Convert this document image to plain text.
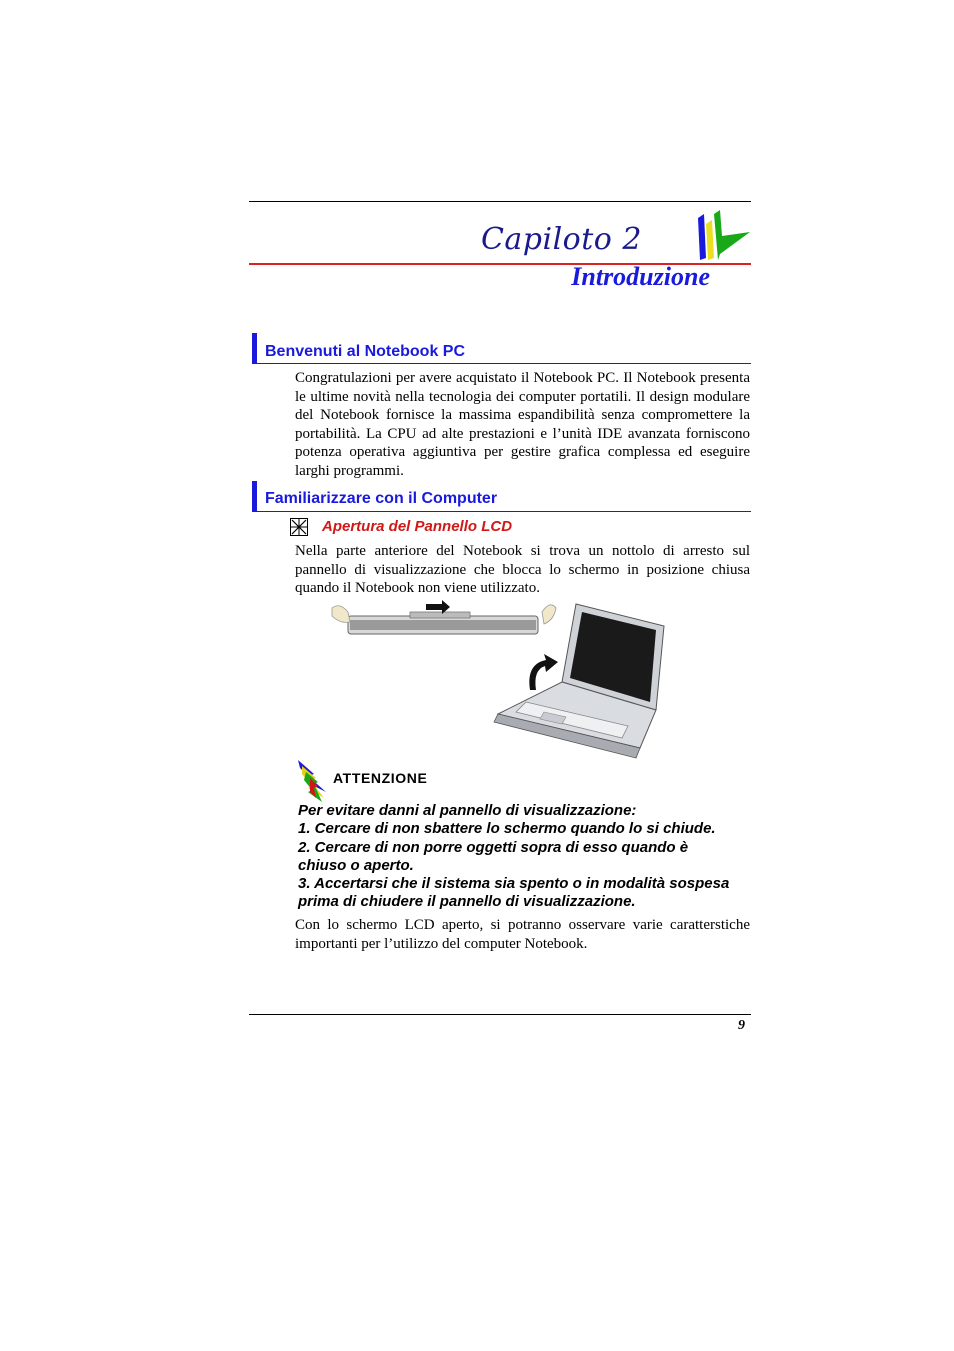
Capiloto 2
Introduzione
Benvenuti al Notebook PC
Congratulazioni per avere acquistato il Notebook PC. Il Notebook presenta le ultime novità nella tecnologia dei computer portatili. Il design modulare del Notebook fornisce la massima espandibilità senza compromettere la portabilità. La CPU ad alte prestazioni e l’unità IDE avanzata forniscono potenza operativa aggiuntiva per gestire grafica complessa ed eseguire larghi programmi.
Familiarizzare con il Computer
Apertura del Pannello LCD
Nella parte anteriore del Notebook si trova un nottolo di arresto sul pannello di visualizzazione che blocca lo schermo in posizione chiusa quando il Notebook non viene utilizzato.
ATTENZIONE
Per evitare danni al pannello di visualizzazione:
1. Cercare di non sbattere lo schermo quando lo si chiude.
2. Cercare di non porre oggetti sopra di esso quando è chiuso o aperto.
3. Accertarsi che il sistema sia spento o in modalità sospesa prima di chiudere il pannello di visualizzazione.
Con lo schermo LCD aperto, si potranno osservare varie caratterstiche importanti per l’utilizzo del computer Notebook.
9
